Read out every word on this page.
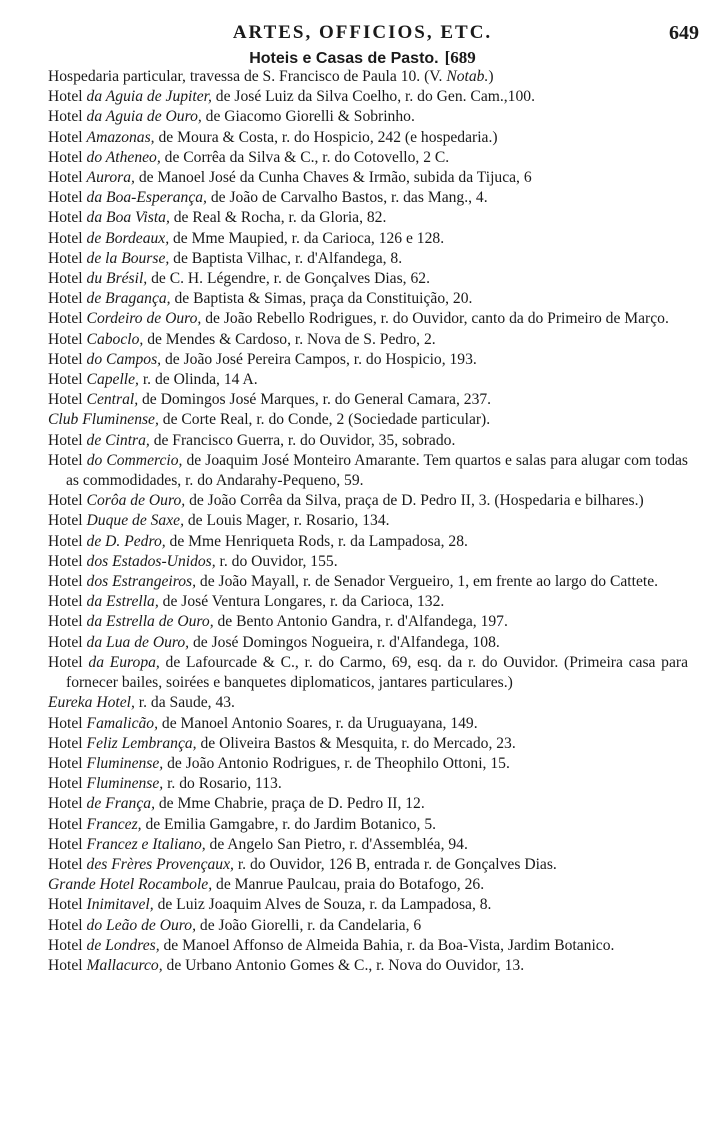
ARTES, OFFICIOS, ETC.	649
Hoteis e Casas de Pasto. [689
Hospedaria particular, travessa de S. Francisco de Paula 10. (V. Notab.)
Hotel da Aguia de Jupiter, de José Luiz da Silva Coelho, r. do Gen. Cam.,100.
Hotel da Aguia de Ouro, de Giacomo Giorelli & Sobrinho.
Hotel Amazonas, de Moura & Costa, r. do Hospicio, 242 (e hospedaria.)
Hotel do Atheneo, de Corrêa da Silva & C., r. do Cotovello, 2 C.
Hotel Aurora, de Manoel José da Cunha Chaves & Irmão, subida da Tijuca, 6
Hotel da Boa-Esperança, de João de Carvalho Bastos, r. das Mang., 4.
Hotel da Boa Vista, de Real & Rocha, r. da Gloria, 82.
Hotel de Bordeaux, de Mme Maupied, r. da Carioca, 126 e 128.
Hotel de la Bourse, de Baptista Vilhac, r. d'Alfandega, 8.
Hotel du Brésil, de C. H. Légendre, r. de Gonçalves Dias, 62.
Hotel de Bragança, de Baptista & Simas, praça da Constituição, 20.
Hotel Cordeiro de Ouro, de João Rebello Rodrigues, r. do Ouvidor, canto da do Primeiro de Março.
Hotel Caboclo, de Mendes & Cardoso, r. Nova de S. Pedro, 2.
Hotel do Campos, de João José Pereira Campos, r. do Hospicio, 193.
Hotel Capelle, r. de Olinda, 14 A.
Hotel Central, de Domingos José Marques, r. do General Camara, 237.
Club Fluminense, de Corte Real, r. do Conde, 2 (Sociedade particular).
Hotel de Cintra, de Francisco Guerra, r. do Ouvidor, 35, sobrado.
Hotel do Commercio, de Joaquim José Monteiro Amarante. Tem quartos e salas para alugar com todas as commodidades, r. do Andarahy-Pequeno, 59.
Hotel Corôa de Ouro, de João Corrêa da Silva, praça de D. Pedro II, 3. (Hospedaria e bilhares.)
Hotel Duque de Saxe, de Louis Mager, r. Rosario, 134.
Hotel de D. Pedro, de Mme Henriqueta Rods, r. da Lampadosa, 28.
Hotel dos Estados-Unidos, r. do Ouvidor, 155.
Hotel dos Estrangeiros, de João Mayall, r. de Senador Vergueiro, 1, em frente ao largo do Cattete.
Hotel da Estrella, de José Ventura Longares, r. da Carioca, 132.
Hotel da Estrella de Ouro, de Bento Antonio Gandra, r. d'Alfandega, 197.
Hotel da Lua de Ouro, de José Domingos Nogueira, r. d'Alfandega, 108.
Hotel da Europa, de Lafourcade & C., r. do Carmo, 69, esq. da r. do Ouvidor. (Primeira casa para fornecer bailes, soirées e banquetes diplomaticos, jantares particulares.)
Eureka Hotel, r. da Saude, 43.
Hotel Famalicão, de Manoel Antonio Soares, r. da Uruguayana, 149.
Hotel Feliz Lembrança, de Oliveira Bastos & Mesquita, r. do Mercado, 23.
Hotel Fluminense, de João Antonio Rodrigues, r. de Theophilo Ottoni, 15.
Hotel Fluminense, r. do Rosario, 113.
Hotel de França, de Mme Chabrie, praça de D. Pedro II, 12.
Hotel Francez, de Emilia Gamgabre, r. do Jardim Botanico, 5.
Hotel Francez e Italiano, de Angelo San Pietro, r. d'Assembléa, 94.
Hotel des Frères Provençaux, r. do Ouvidor, 126 B, entrada r. de Gonçalves Dias.
Grande Hotel Rocambole, de Manrue Paulcau, praia do Botafogo, 26.
Hotel Inimitavel, de Luiz Joaquim Alves de Souza, r. da Lampadosa, 8.
Hotel do Leão de Ouro, de João Giorelli, r. da Candelaria, 6
Hotel de Londres, de Manoel Affonso de Almeida Bahia, r. da Boa-Vista, Jardim Botanico.
Hotel Mallacurco, de Urbano Antonio Gomes & C., r. Nova do Ouvidor, 13.
